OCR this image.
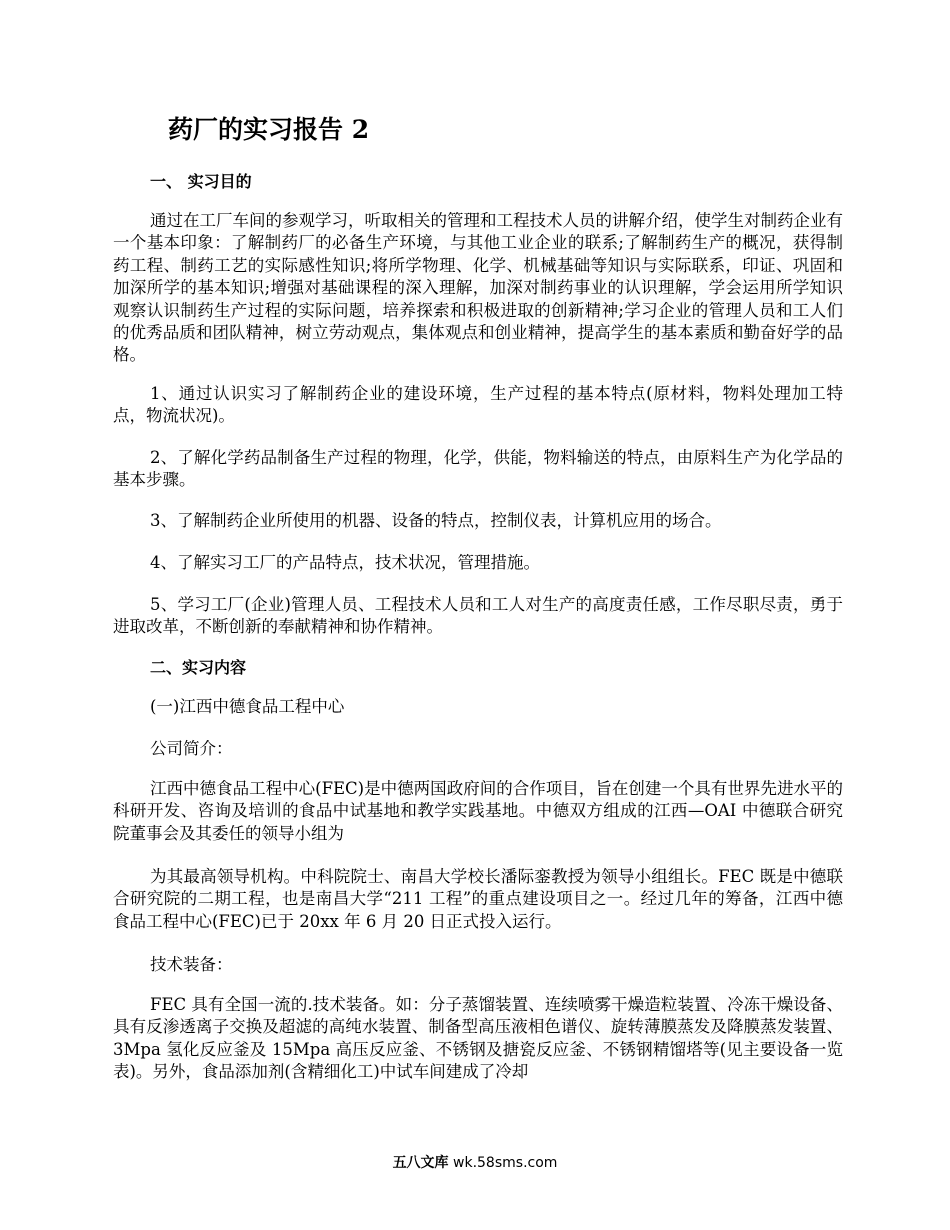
药厂的实习报告 2
一、 实习目的
通过在工厂车间的参观学习，听取相关的管理和工程技术人员的讲解介绍，使学生对制药企业有一个基本印象：了解制药厂的必备生产环境，与其他工业企业的联系;了解制药生产的概况，获得制药工程、制药工艺的实际感性知识;将所学物理、化学、机械基础等知识与实际联系，印证、巩固和加深所学的基本知识;增强对基础课程的深入理解，加深对制药事业的认识理解，学会运用所学知识观察认识制药生产过程的实际问题，培养探索和积极进取的创新精神;学习企业的管理人员和工人们的优秀品质和团队精神，树立劳动观点，集体观点和创业精神，提高学生的基本素质和勤奋好学的品格。
1、通过认识实习了解制药企业的建设环境，生产过程的基本特点(原材料，物料处理加工特点，物流状况)。
2、了解化学药品制备生产过程的物理，化学，供能，物料输送的特点，由原料生产为化学品的基本步骤。
3、了解制药企业所使用的机器、设备的特点，控制仪表，计算机应用的场合。
4、了解实习工厂的产品特点，技术状况，管理措施。
5、学习工厂(企业)管理人员、工程技术人员和工人对生产的高度责任感，工作尽职尽责，勇于进取改革，不断创新的奉献精神和协作精神。
二、实习内容
(一)江西中德食品工程中心
公司简介：
江西中德食品工程中心(FEC)是中德两国政府间的合作项目，旨在创建一个具有世界先进水平的科研开发、咨询及培训的食品中试基地和教学实践基地。中德双方组成的江西—OAI 中德联合研究院董事会及其委任的领导小组为
为其最高领导机构。中科院院士、南昌大学校长潘际銮教授为领导小组组长。FEC 既是中德联合研究院的二期工程，也是南昌大学“211 工程”的重点建设项目之一。经过几年的筹备，江西中德食品工程中心(FEC)已于 20xx 年 6 月 20 日正式投入运行。
技术装备：
FEC 具有全国一流的.技术装备。如：分子蒸馏装置、连续喷雾干燥造粒装置、冷冻干燥设备、具有反渗透离子交换及超滤的高纯水装置、制备型高压液相色谱仪、旋转薄膜蒸发及降膜蒸发装置、3Mpa 氢化反应釜及 15Mpa 高压反应釜、不锈钢及搪瓷反应釜、不锈钢精馏塔等(见主要设备一览表)。另外，食品添加剂(含精细化工)中试车间建成了冷却
五八文库 wk.58sms.com
